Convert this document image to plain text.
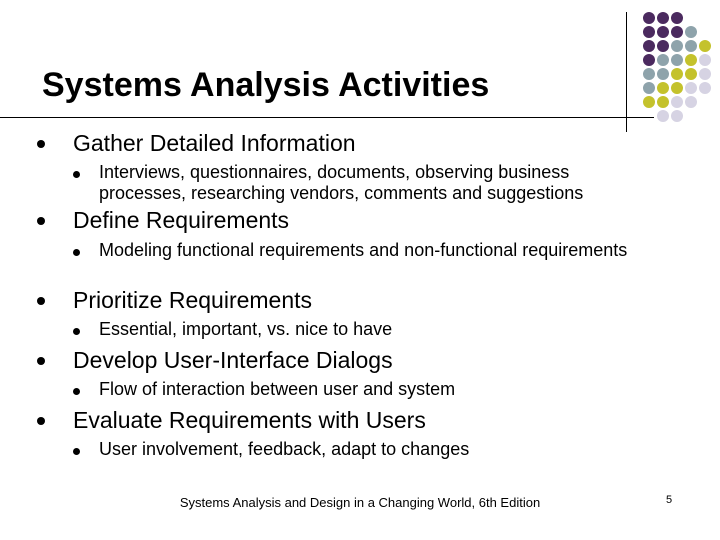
Systems Analysis Activities
Gather Detailed Information
Interviews, questionnaires, documents, observing business processes, researching vendors, comments and suggestions
Define Requirements
Modeling functional requirements and non-functional requirements
Prioritize Requirements
Essential, important, vs. nice to have
Develop User-Interface Dialogs
Flow of interaction between user and system
Evaluate Requirements with Users
User involvement, feedback, adapt to changes
Systems Analysis and Design in a Changing World, 6th Edition	5
